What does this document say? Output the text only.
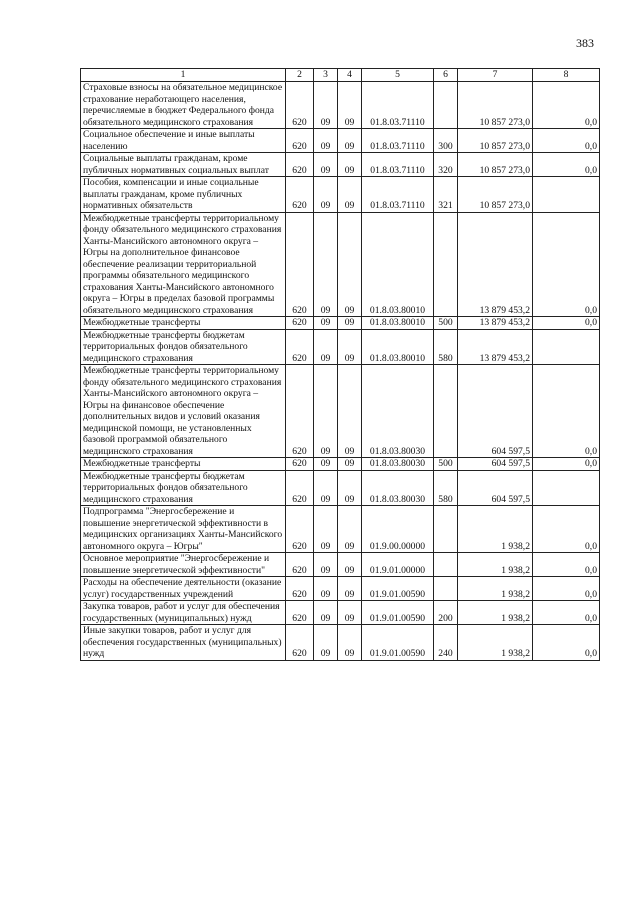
383
1	2	3	4	5	6	7	8
Страховые взносы на обязательное медицинское страхование неработающего населения, перечисляемые в бюджет Федерального фонда обязательного медицинского страхования	620	09	09	01.8.03.71110		10 857 273,0	0,0
Социальное обеспечение и иные выплаты населению	620	09	09	01.8.03.71110	300	10 857 273,0	0,0
Социальные выплаты гражданам, кроме публичных нормативных социальных выплат	620	09	09	01.8.03.71110	320	10 857 273,0	0,0
Пособия, компенсации и иные социальные выплаты гражданам, кроме публичных нормативных обязательств	620	09	09	01.8.03.71110	321	10 857 273,0	
Межбюджетные трансферты территориальному фонду обязательного медицинского страхования Ханты-Мансийского автономного округа – Югры на дополнительное финансовое обеспечение реализации территориальной программы обязательного медицинского страхования Ханты-Мансийского автономного округа – Югры в пределах базовой программы обязательного медицинского страхования	620	09	09	01.8.03.80010		13 879 453,2	0,0
Межбюджетные трансферты	620	09	09	01.8.03.80010	500	13 879 453,2	0,0
Межбюджетные трансферты бюджетам территориальных фондов обязательного медицинского страхования	620	09	09	01.8.03.80010	580	13 879 453,2	
Межбюджетные трансферты территориальному фонду обязательного медицинского страхования Ханты-Мансийского автономного округа – Югры на финансовое обеспечение дополнительных видов и условий оказания медицинской помощи, не установленных базовой программой обязательного медицинского страхования	620	09	09	01.8.03.80030		604 597,5	0,0
Межбюджетные трансферты	620	09	09	01.8.03.80030	500	604 597,5	0,0
Межбюджетные трансферты бюджетам территориальных фондов обязательного медицинского страхования	620	09	09	01.8.03.80030	580	604 597,5	
Подпрограмма "Энергосбережение и повышение энергетической эффективности в медицинских организациях Ханты-Мансийского автономного округа – Югры"	620	09	09	01.9.00.00000		1 938,2	0,0
Основное мероприятие "Энергосбережение и повышение энергетической эффективности"	620	09	09	01.9.01.00000		1 938,2	0,0
Расходы на обеспечение деятельности (оказание услуг) государственных учреждений	620	09	09	01.9.01.00590		1 938,2	0,0
Закупка товаров, работ и услуг для обеспечения государственных (муниципальных) нужд	620	09	09	01.9.01.00590	200	1 938,2	0,0
Иные закупки товаров, работ и услуг для обеспечения государственных (муниципальных) нужд	620	09	09	01.9.01.00590	240	1 938,2	0,0
